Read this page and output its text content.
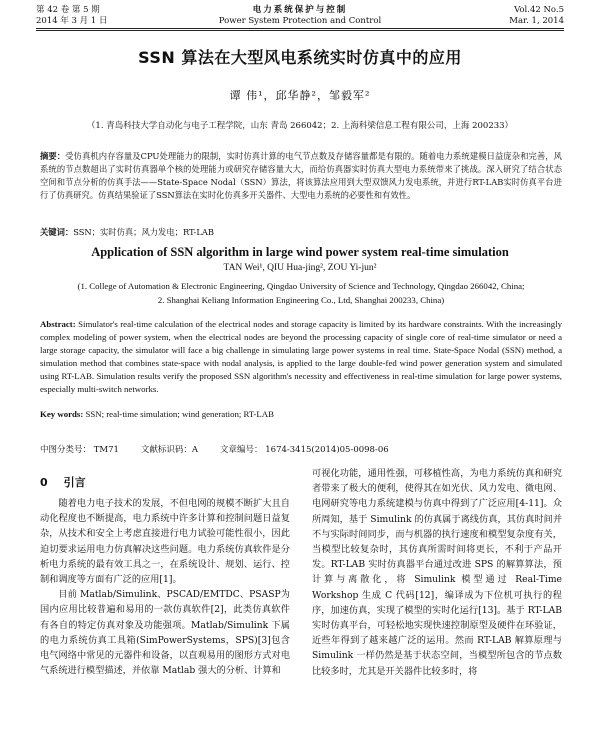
第 42 卷 第 5 期
2014 年 3 月 1 日
电力系统保护与控制
Power System Protection and Control
Vol.42 No.5
Mar. 1, 2014
SSN 算法在大型风电系统实时仿真中的应用
谭 伟¹，邱华静²，邹毅军²
（1. 青岛科技大学自动化与电子工程学院，山东 青岛 266042；2. 上海科梁信息工程有限公司，上海 200233）
摘要：受仿真机内存容量及CPU处理能力的限制，实时仿真计算的电气节点数及存储容量都是有限的。随着电力系统建模日益庞杂和完善，风系统的节点数超出了实时仿真器单个核的处理能力或研究存储容量大大，而给仿真器实时仿真大型电力系统带来了挑战。深入研究了结合状态空间和节点分析的仿真手法——State-Space Nodal（SSN）算法，将该算法应用到大型双馈风力发电系统，并进行RT-LAB实时仿真平台进行了仿真研究。仿真结果验证了SSN算法在实时化仿真多开关器件、大型电力系统的必要性和有效性。
关键词：SSN；实时仿真；风力发电；RT-LAB
Application of SSN algorithm in large wind power system real-time simulation
TAN Wei¹, QIU Hua-jing², ZOU Yi-jun²
(1. College of Automation & Electronic Engineering, Qingdao University of Science and Technology, Qingdao 266042, China;
2. Shanghai Keliang Information Engineering Co., Ltd, Shanghai 200233, China)
Abstract: Simulator's real-time calculation of the electrical nodes and storage capacity is limited by its hardware constraints. With the increasingly complex modeling of power system, when the electrical nodes are beyond the processing capacity of single core of real-time simulator or need a large storage capacity, the simulator will face a big challenge in simulating large power systems in real time. State-Space Nodal (SSN) method, a simulation method that combines state-space with nodal analysis, is applied to the large double-fed wind power generation system and simulated using RT-LAB. Simulation results verify the proposed SSN algorithm's necessity and effectiveness in real-time simulation for large power systems, especially multi-switch networks.
Key words: SSN; real-time simulation; wind generation; RT-LAB
中图分类号： TM71	文献标识码：A	文章编号： 1674-3415(2014)05-0098-06
0 引言

随着电力电子技术的发展，不但电网的规模不断扩大且自动化程度也不断提高，电力系统中许多计算和控制问题日益复杂，从技术和安全上考虑直接进行电力试验可能性很小，因此迫切要求运用电力仿真解决这些问题。电力系统仿真软件是分析电力系统的最有效工具之一，在系统设计、规划、运行、控制和调度等方面有广泛的应用[1]。

目前 Matlab/Simulink、PSCAD/EMTDC、PSASP为国内应用比较普遍和易用的一款仿真软件[2]，此类仿真软件有各自的特定仿真对象及功能强项。Matlab/Simulink 下属的电力系统仿真工具箱(SimPowerSystems，SPS)[3]包含电气网络中常见的元器件和设备，以直观易用的图形方式对电气系统进行模型描述，并依靠 Matlab 强大的分析、计算和

可视化功能，通用性强，可移植性高，为电力系统仿真和研究者带来了极大的便利，使得其在如光伏、风力发电、微电网、电网研究等电力系统建模与仿真中得到了广泛应用[4-11]。众所周知，基于 Simulink 的仿真属于离线仿真，其仿真时间并不与实际时间同步，而与机器的执行速度和模型复杂度有关，当模型比较复杂时，其仿真所需时间将更长，不利于产品开发。RT-LAB 实时仿真器平台通过改进 SPS 的解算算法，预计算与离散化，将 Simulink 模型通过 Real-Time Workshop 生成 C 代码[12]，编译成为下位机可执行的程序，加速仿真，实现了模型的实时化运行[13]。基于 RT-LAB 实时仿真平台，可轻松地实现快速控制原型及硬件在环验证，近些年得到了越来越广泛的运用。然而 RT-LAB 解算原理与 Simulink 一样仍然是基于状态空间，当模型所包含的节点数比较多时，尤其是开关器件比较多时，将
